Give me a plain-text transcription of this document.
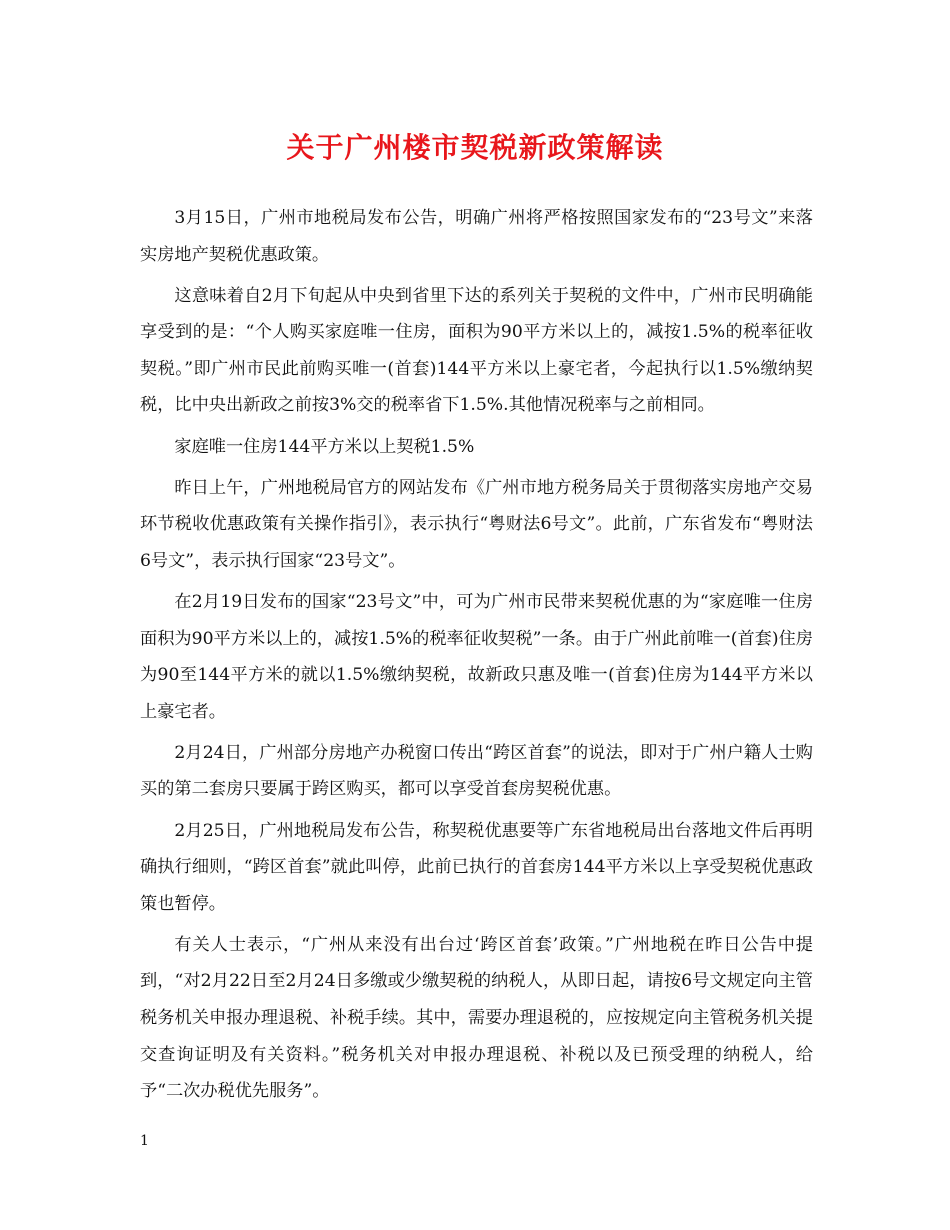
关于广州楼市契税新政策解读

3月15日，广州市地税局发布公告，明确广州将严格按照国家发布的“23号文”来落实房地产契税优惠政策。

这意味着自2月下旬起从中央到省里下达的系列关于契税的文件中，广州市民明确能享受到的是：“个人购买家庭唯一住房，面积为90平方米以上的，减按1.5%的税率征收契税。”即广州市民此前购买唯一(首套)144平方米以上豪宅者，今起执行以1.5%缴纳契税，比中央出新政之前按3%交的税率省下1.5%.其他情况税率与之前相同。

家庭唯一住房144平方米以上契税1.5%

昨日上午，广州地税局官方的网站发布《广州市地方税务局关于贯彻落实房地产交易环节税收优惠政策有关操作指引》，表示执行“粤财法6号文”。此前，广东省发布“粤财法6号文”，表示执行国家“23号文”。

在2月19日发布的国家“23号文”中，可为广州市民带来契税优惠的为“家庭唯一住房面积为90平方米以上的，减按1.5%的税率征收契税”一条。由于广州此前唯一(首套)住房为90至144平方米的就以1.5%缴纳契税，故新政只惠及唯一(首套)住房为144平方米以上豪宅者。

2月24日，广州部分房地产办税窗口传出“跨区首套”的说法，即对于广州户籍人士购买的第二套房只要属于跨区购买，都可以享受首套房契税优惠。

2月25日，广州地税局发布公告，称契税优惠要等广东省地税局出台落地文件后再明确执行细则，“跨区首套”就此叫停，此前已执行的首套房144平方米以上享受契税优惠政策也暂停。

有关人士表示，“广州从来没有出台过‘跨区首套’政策。”广州地税在昨日公告中提到，“对2月22日至2月24日多缴或少缴契税的纳税人，从即日起，请按6号文规定向主管税务机关申报办理退税、补税手续。其中，需要办理退税的，应按规定向主管税务机关提交查询证明及有关资料。”税务机关对申报办理退税、补税以及已预受理的纳税人，给予“二次办税优先服务”。

1
